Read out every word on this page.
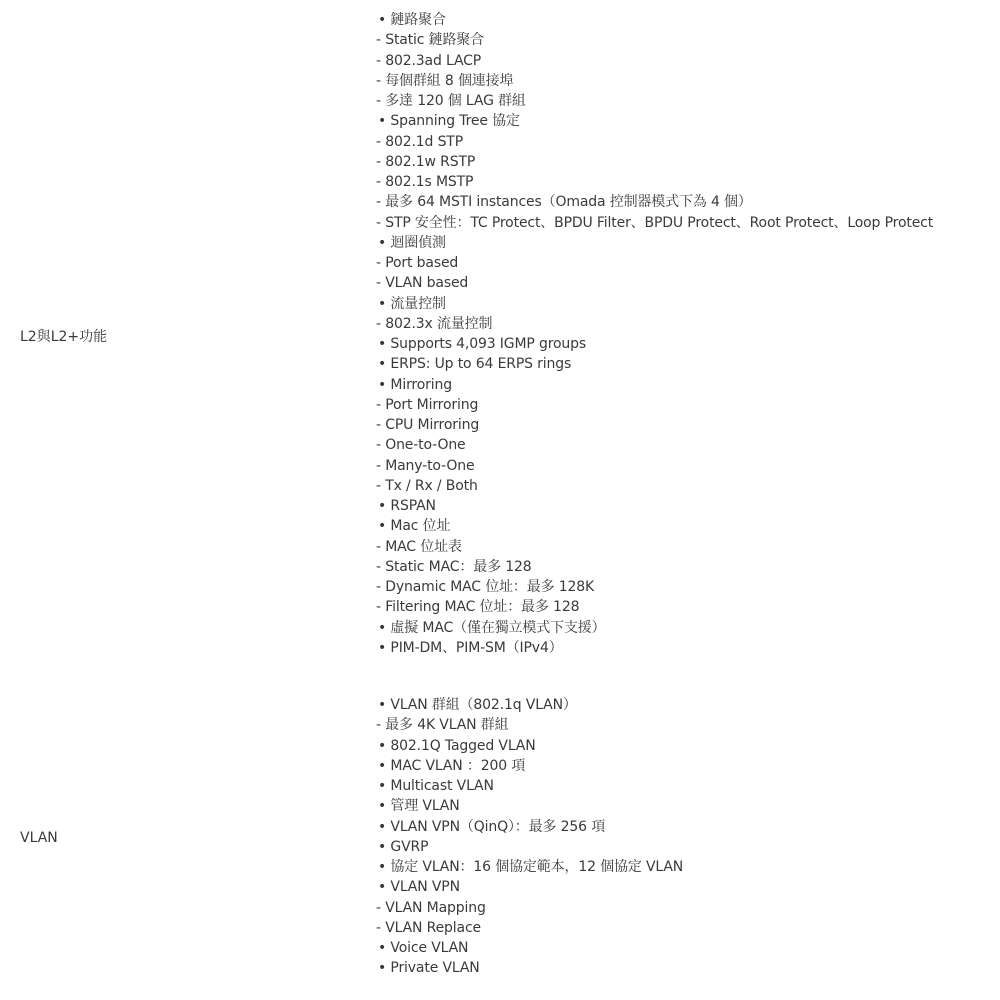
L2與L2+功能
• 鏈路聚合
- Static 鏈路聚合
- 802.3ad LACP
- 每個群組 8 個連接埠
- 多達 120 個 LAG 群組
• Spanning Tree 協定
- 802.1d STP
- 802.1w RSTP
- 802.1s MSTP
- 最多 64 MSTI instances（Omada 控制器模式下為 4 個）
- STP 安全性：TC Protect、BPDU Filter、BPDU Protect、Root Protect、Loop Protect
• 迴圈偵測
- Port based
- VLAN based
• 流量控制
- 802.3x 流量控制
• Supports 4,093 IGMP groups
• ERPS: Up to 64 ERPS rings
• Mirroring
- Port Mirroring
- CPU Mirroring
- One-to-One
- Many-to-One
- Tx / Rx / Both
• RSPAN
• Mac 位址
- MAC 位址表
- Static MAC：最多 128
- Dynamic MAC 位址：最多 128K
- Filtering MAC 位址：最多 128
• 虛擬 MAC（僅在獨立模式下支援）
• PIM-DM、PIM-SM（IPv4）
VLAN
• VLAN 群組（802.1q VLAN）
- 最多 4K VLAN 群組
• 802.1Q Tagged VLAN
• MAC VLAN ：200 項
• Multicast VLAN
• 管理 VLAN
• VLAN VPN（QinQ）：最多 256 項
• GVRP
• 協定 VLAN：16 個協定範本，12 個協定 VLAN
• VLAN VPN
- VLAN Mapping
- VLAN Replace
• Voice VLAN
• Private VLAN
